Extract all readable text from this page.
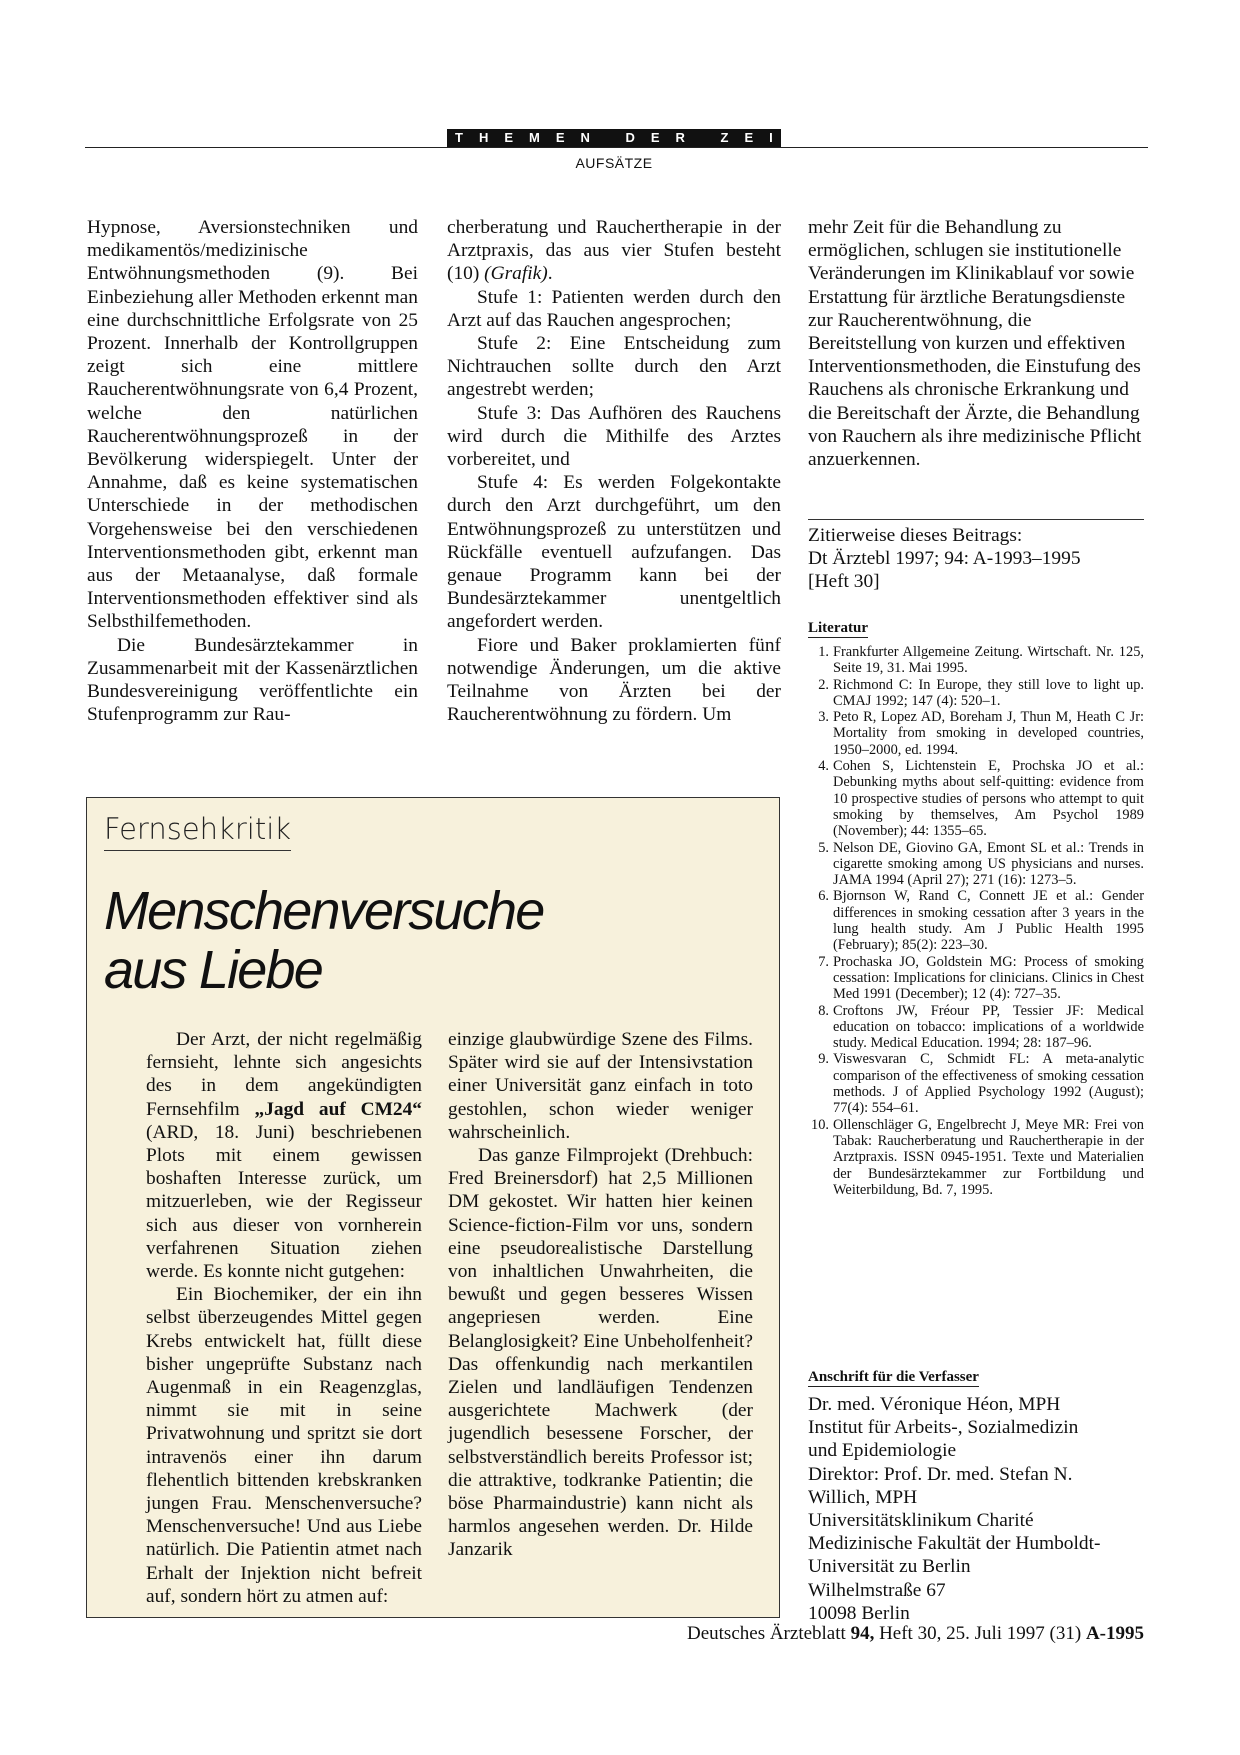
THEMEN DER ZEIT
AUFSÄTZE

Hypnose, Aversionstechniken und medikamentös/medizinische Entwöhnungsmethoden (9). Bei Einbeziehung aller Methoden erkennt man eine durchschnittliche Erfolgsrate von 25 Prozent. Innerhalb der Kontrollgruppen zeigt sich eine mittlere Raucherentwöhnungsrate von 6,4 Prozent, welche den natürlichen Raucherentwöhnungsprozeß in der Bevölkerung widerspiegelt. Unter der Annahme, daß es keine systematischen Unterschiede in der methodischen Vorgehensweise bei den verschiedenen Interventionsmethoden gibt, erkennt man aus der Metaanalyse, daß formale Interventionsmethoden effektiver sind als Selbsthilfemethoden.

Die Bundesärztekammer in Zusammenarbeit mit der Kassenärztlichen Bundesvereinigung veröffentlichte ein Stufenprogramm zur Rau-

cherberatung und Rauchertherapie in der Arztpraxis, das aus vier Stufen besteht (10) (Grafik).

Stufe 1: Patienten werden durch den Arzt auf das Rauchen angesprochen;

Stufe 2: Eine Entscheidung zum Nichtrauchen sollte durch den Arzt angestrebt werden;

Stufe 3: Das Aufhören des Rauchens wird durch die Mithilfe des Arztes vorbereitet, und

Stufe 4: Es werden Folgekontakte durch den Arzt durchgeführt, um den Entwöhnungsprozeß zu unterstützen und Rückfälle eventuell aufzufangen. Das genaue Programm kann bei der Bundesärztekammer unentgeltlich angefordert werden.

Fiore und Baker proklamierten fünf notwendige Änderungen, um die aktive Teilnahme von Ärzten bei der Raucherentwöhnung zu fördern. Um

mehr Zeit für die Behandlung zu ermöglichen, schlugen sie institutionelle Veränderungen im Klinikablauf vor sowie Erstattung für ärztliche Beratungsdienste zur Raucherentwöhnung, die Bereitstellung von kurzen und effektiven Interventionsmethoden, die Einstufung des Rauchens als chronische Erkrankung und die Bereitschaft der Ärzte, die Behandlung von Rauchern als ihre medizinische Pflicht anzuerkennen.

Zitierweise dieses Beitrags:
Dt Ärztebl 1997; 94: A-1993–1995
[Heft 30]
Literatur
1. Frankfurter Allgemeine Zeitung. Wirtschaft. Nr. 125, Seite 19, 31. Mai 1995.
2. Richmond C: In Europe, they still love to light up. CMAJ 1992; 147 (4): 520–1.
3. Peto R, Lopez AD, Boreham J, Thun M, Heath C Jr: Mortality from smoking in developed countries, 1950–2000, ed. 1994.
4. Cohen S, Lichtenstein E, Prochska JO et al.: Debunking myths about self-quitting: evidence from 10 prospective studies of persons who attempt to quit smoking by themselves, Am Psychol 1989 (November); 44: 1355–65.
5. Nelson DE, Giovino GA, Emont SL et al.: Trends in cigarette smoking among US physicians and nurses. JAMA 1994 (April 27); 271 (16): 1273–5.
6. Bjornson W, Rand C, Connett JE et al.: Gender differences in smoking cessation after 3 years in the lung health study. Am J Public Health 1995 (February); 85(2): 223–30.
7. Prochaska JO, Goldstein MG: Process of smoking cessation: Implications for clinicians. Clinics in Chest Med 1991 (December); 12 (4): 727–35.
8. Croftons JW, Fréour PP, Tessier JF: Medical education on tobacco: implications of a worldwide study. Medical Education. 1994; 28: 187–96.
9. Viswesvaran C, Schmidt FL: A meta-analytic comparison of the effectiveness of smoking cessation methods. J of Applied Psychology 1992 (August); 77(4): 554–61.
10. Ollenschläger G, Engelbrecht J, Meye MR: Frei von Tabak: Raucherberatung und Rauchertherapie in der Arztpraxis. ISSN 0945-1951. Texte und Materialien der Bundesärztekammer zur Fortbildung und Weiterbildung, Bd. 7, 1995.
Anschrift für die Verfasser
Dr. med. Véronique Héon, MPH
Institut für Arbeits-, Sozialmedizin
und Epidemiologie
Direktor: Prof. Dr. med. Stefan N.
Willich, MPH
Universitätsklinikum Charité
Medizinische Fakultät der Humboldt-
Universität zu Berlin
Wilhelmstraße 67
10098 Berlin
Fernsehkritik
Menschenversuche
aus Liebe

Der Arzt, der nicht regelmäßig fernsieht, lehnte sich angesichts des in dem angekündigten Fernsehfilm „Jagd auf CM24“ (ARD, 18. Juni) beschriebenen Plots mit einem gewissen boshaften Interesse zurück, um mitzuerleben, wie der Regisseur sich aus dieser von vornherein verfahrenen Situation ziehen werde. Es konnte nicht gutgehen:

Ein Biochemiker, der ein ihn selbst überzeugendes Mittel gegen Krebs entwickelt hat, füllt diese bisher ungeprüfte Substanz nach Augenmaß in ein Reagenzglas, nimmt sie mit in seine Privatwohnung und spritzt sie dort intravenös einer ihn darum flehentlich bittenden krebskranken jungen Frau. Menschenversuche? Menschenversuche! Und aus Liebe natürlich. Die Patientin atmet nach Erhalt der Injektion nicht befreit auf, sondern hört zu atmen auf:

einzige glaubwürdige Szene des Films. Später wird sie auf der Intensivstation einer Universität ganz einfach in toto gestohlen, schon wieder weniger wahrscheinlich.

Das ganze Filmprojekt (Drehbuch: Fred Breinersdorf) hat 2,5 Millionen DM gekostet. Wir hatten hier keinen Science-fiction-Film vor uns, sondern eine pseudorealistische Darstellung von inhaltlichen Unwahrheiten, die bewußt und gegen besseres Wissen angepriesen werden. Eine Belanglosigkeit? Eine Unbeholfenheit? Das offenkundig nach merkantilen Zielen und landläufigen Tendenzen ausgerichtete Machwerk (der jugendlich besessene Forscher, der selbstverständlich bereits Professor ist; die attraktive, todkranke Patientin; die böse Pharmaindustrie) kann nicht als harmlos angesehen werden. Dr. Hilde Janzarik

Deutsches Ärzteblatt 94, Heft 30, 25. Juli 1997 (31) A-1995
